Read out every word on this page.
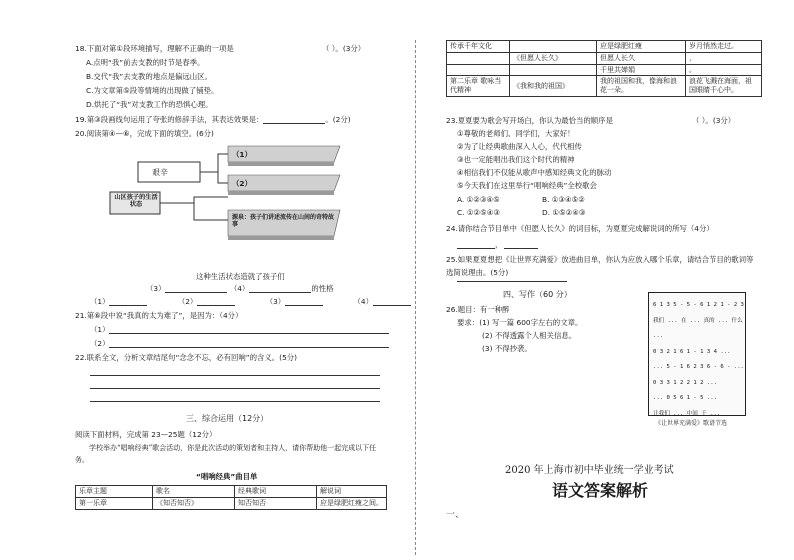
18.下面对第①段环境描写，理解不正确的一项是	（ ）。(3分）
A.点明“我”前去支教的时节是春季。
B.交代“我”去支教的地点是偏远山区。
C.为文章第⑤段等情境的出现做了铺垫。
D.烘托了“我”对支教工作的恐惧心理。
19.第③段画线句运用了夸张的修辞手法，其表达效果是：	。(2分)
20.阅读第④—⑥，完成下面的填空。(6分)
艰辛
山区孩子的生活状态
（1）
（2）
源泉：孩子们讲述流传在山间的奇特故事
这种生活状态造就了孩子们
（3）	（4）	的性格
（1）	（2）	（3）	（4）
21.第⑥段中说“我真的太为难了”，是因为：（4分）
（1）
（2）
22.联系全文，分析文章结尾句“念念不忘，必有回响”的含义。(5分)
三、综合运用（12分）
阅读下面材料，完成第 23—25题（12分）
学校举办“唱响经典”歌会活动，你是此次活动的策划者和主持人，请你帮助他一起完成以下任务。
“唱响经典”曲目单
乐章主题	歌名	经典歌词	解说词
第一乐章	《知否知否》	知否知否	应是绿肥红瘦之间。
传承千年文化		应是绿肥红瘦	岁月悄然走过。
	《但愿人长久》	但愿人长久	，
		千里共婵娟	。
第二乐章 歌咏当代精神	《我和我的祖国》	我的祖国和我，像海和浪花一朵。	浪花飞溅在海面，祖国眼睛千心中。
23.夏夏要为歌会写开场白，你认为最恰当的顺序是	（ ）。(3分）
①尊敬的老师们、同学们，大家好！
②为了让经典歌曲深入人心，代代相传
③也一定能唱出我们这个时代的精神
④相信我们不仅能从歌声中感知经典文化的脉动
⑤今天我们在这里举行“唱响经典”全校歌会
A. ①②③④⑤	B. ①③④⑤②
C. ①②⑤④③	D. ①⑤②④③
24.请你结合节目单中《但愿人长久》的词目标，为夏夏完成解说词的所写（4分）
，
25.如果夏夏想把《让世界充满爱》放进曲目单，你认为应放入哪个乐章，请结合节目的歌词等选简说理由。(5分)
四、写作（60 分）
26.题目：有一种醉
要求：(1) 写一篇 600字左右的文章。
(2) 不得透露个人相关信息。
(3) 不得抄袭。
6 1 3 5 - 5 - 6 1 2 1 - 2 3
我们 ... 在 ... 真的 ... 什么 ...
0 3 2 1 6 1 - 1 3 4 ...
... 5 - 1 6 2 3 6 - 6 - ...
0 3 3 1 2 2 1 2 ...
... 0 5 6 1 - 5 ...
让我们 ... 中间 千 ...
《让世界充满爱》歌谱节选
2020 年上海市初中毕业统一学业考试
语文答案解析
一、
